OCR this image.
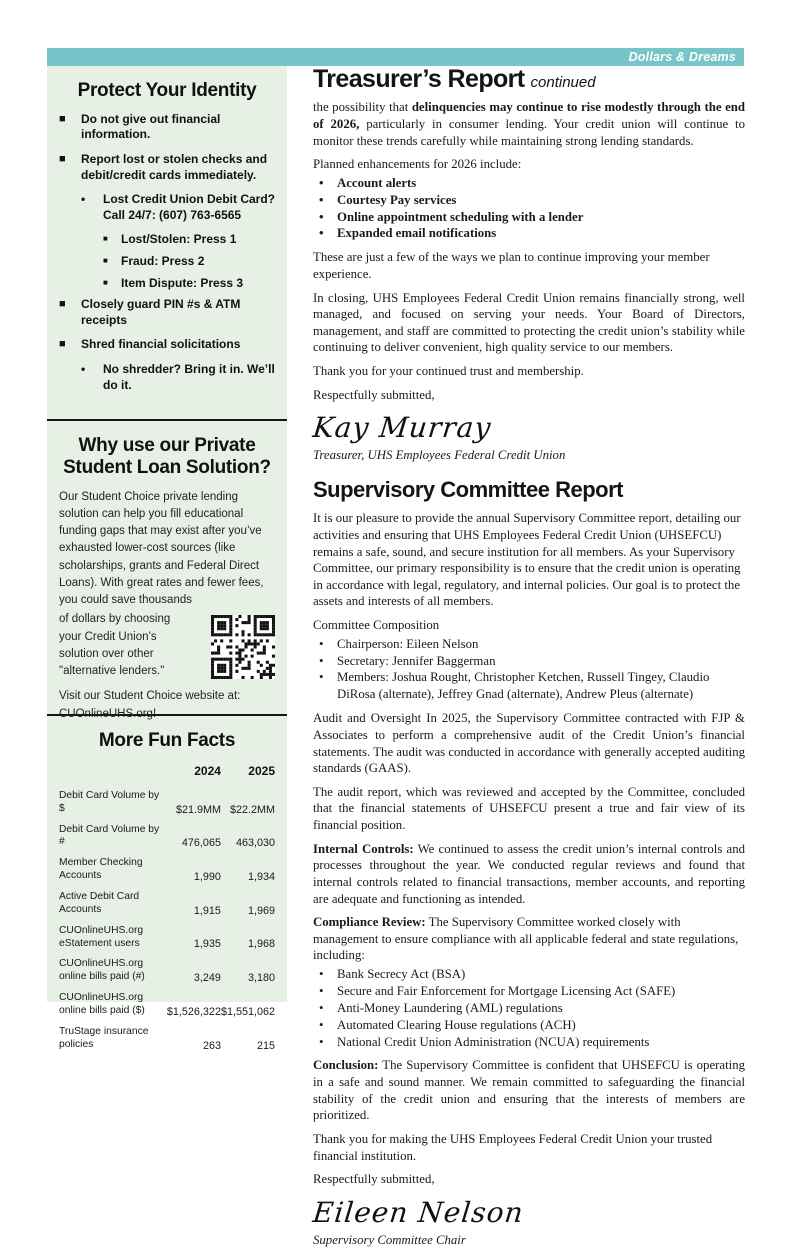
Dollars & Dreams
Protect Your Identity
■ Do not give out financial information.
■ Report lost or stolen checks and debit/credit cards immediately.
• Lost Credit Union Debit Card? Call 24/7: (607) 763-6565
■ Lost/Stolen: Press 1
■ Fraud: Press 2
■ Item Dispute: Press 3
■ Closely guard PIN #s & ATM receipts
■ Shred financial solicitations
• No shredder? Bring it in. We’ll do it.
Why use our Private Student Loan Solution?
Our Student Choice private lending solution can help you fill educational funding gaps that may exist after you’ve exhausted lower-cost sources (like scholarships, grants and Federal Direct Loans). With great rates and fewer fees, you could save thousands
of dollars by choosing your Credit Union’s solution over other "alternative lenders."
Visit our Student Choice website at: CUOnlineUHS.org!
More Fun Facts
	2024	2025
Debit Card Volume by $	$21.9MM	$22.2MM
Debit Card Volume by #	476,065	463,030
Member Checking Accounts	1,990	1,934
Active Debit Card Accounts	1,915	1,969
CUOnlineUHS.org eStatement users	1,935	1,968
CUOnlineUHS.org online bills paid (#)	3,249	3,180
CUOnlineUHS.org online bills paid ($)	$1,526,322	$1,551,062
TruStage insurance policies	263	215
Treasurer’s Report continued

the possibility that delinquencies may continue to rise modestly through the end of 2026, particularly in consumer lending. Your credit union will continue to monitor these trends carefully while maintaining strong lending standards.

Planned enhancements for 2026 include:

• Account alerts
• Courtesy Pay services
• Online appointment scheduling with a lender
• Expanded email notifications

These are just a few of the ways we plan to continue improving your member experience.

In closing, UHS Employees Federal Credit Union remains financially strong, well managed, and focused on serving your needs. Your Board of Directors, management, and staff are committed to protecting the credit union’s stability while continuing to deliver convenient, high quality service to our members.

Thank you for your continued trust and membership.

Respectfully submitted,

Kay Murray
Treasurer, UHS Employees Federal Credit Union
Supervisory Committee Report

It is our pleasure to provide the annual Supervisory Committee report, detailing our activities and ensuring that UHS Employees Federal Credit Union (UHSEFCU) remains a safe, sound, and secure institution for all members. As your Supervisory Committee, our primary responsibility is to ensure that the credit union is operating in accordance with legal, regulatory, and internal policies. Our goal is to protect the assets and interests of all members.

Committee Composition

• Chairperson: Eileen Nelson
• Secretary: Jennifer Baggerman
• Members: Joshua Rought, Christopher Ketchen, Russell Tingey, Claudio DiRosa (alternate), Jeffrey Gnad (alternate), Andrew Pleus (alternate)

Audit and Oversight In 2025, the Supervisory Committee contracted with FJP & Associates to perform a comprehensive audit of the Credit Union’s financial statements. The audit was conducted in accordance with generally accepted auditing standards (GAAS).

The audit report, which was reviewed and accepted by the Committee, concluded that the financial statements of UHSEFCU present a true and fair view of its financial position.

Internal Controls: We continued to assess the credit union’s internal controls and processes throughout the year. We conducted regular reviews and found that internal controls related to financial transactions, member accounts, and reporting are adequate and functioning as intended.

Compliance Review: The Supervisory Committee worked closely with management to ensure compliance with all applicable federal and state regulations, including:

• Bank Secrecy Act (BSA)
• Secure and Fair Enforcement for Mortgage Licensing Act (SAFE)
• Anti-Money Laundering (AML) regulations
• Automated Clearing House regulations (ACH)
• National Credit Union Administration (NCUA) requirements

Conclusion: The Supervisory Committee is confident that UHSEFCU is operating in a safe and sound manner. We remain committed to safeguarding the financial stability of the credit union and ensuring that the interests of members are prioritized.

Thank you for making the UHS Employees Federal Credit Union your trusted financial institution.

Respectfully submitted,

Eileen Nelson
Supervisory Committee Chair
